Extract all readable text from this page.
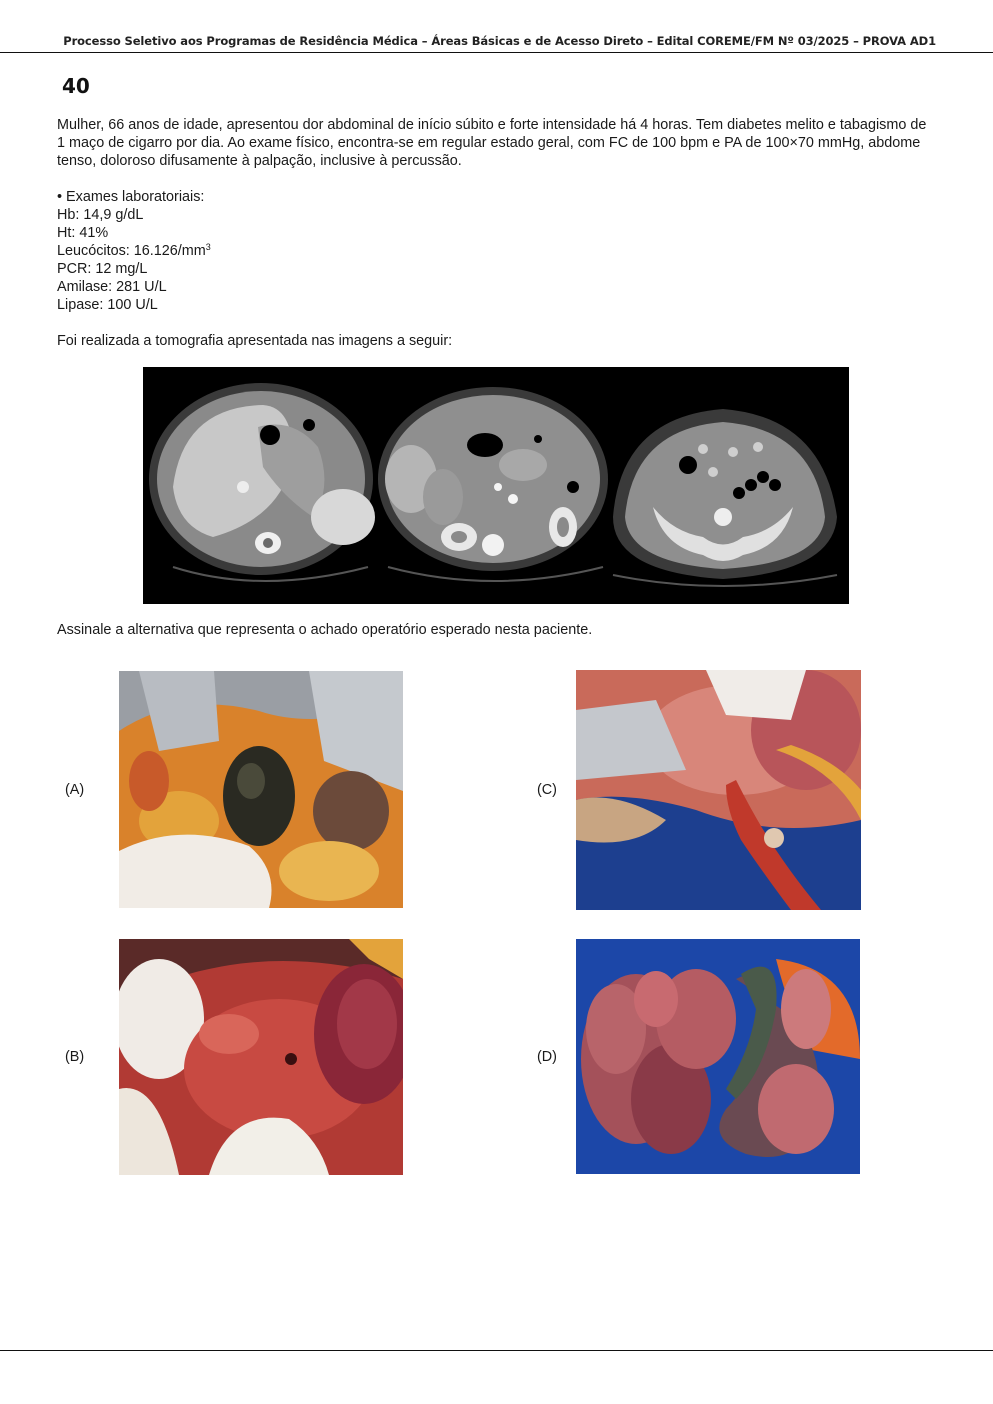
Processo Seletivo aos Programas de Residência Médica – Áreas Básicas e de Acesso Direto – Edital COREME/FM Nº 03/2025 – PROVA AD1
40

Mulher, 66 anos de idade, apresentou dor abdominal de início súbito e forte intensidade há 4 horas. Tem diabetes melito e tabagismo de 1 maço de cigarro por dia. Ao exame físico, encontra-se em regular estado geral, com FC de 100 bpm e PA de 100×70 mmHg, abdome tenso, doloroso difusamente à palpação, inclusive à percussão.

• Exames laboratoriais:

Hb: 14,9 g/dL

Ht: 41%

Leucócitos: $16.126/mm^3$

PCR: 12 mg/L

Amilase: 281 U/L

Lipase: 100 U/L

Foi realizada a tomografia apresentada nas imagens a seguir:

Assinale a alternativa que representa o achado operatório esperado nesta paciente.
(A)	(C)
(B)	(D)
